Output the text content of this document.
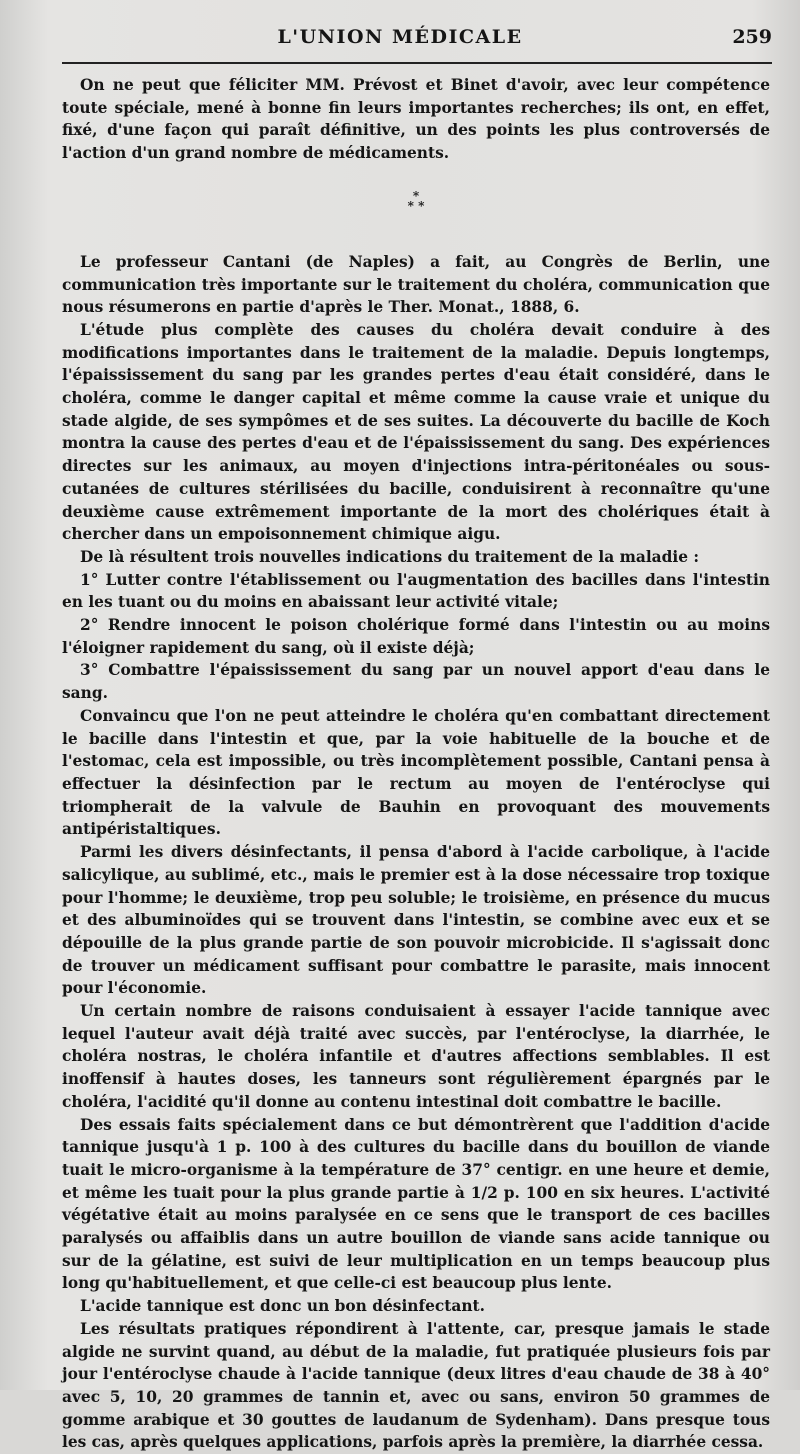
L'UNION MÉDICALE	259

On ne peut que féliciter MM. Prévost et Binet d'avoir, avec leur compétence toute spéciale, mené à bonne fin leurs importantes recherches; ils ont, en effet, fixé, d'une façon qui paraît définitive, un des points les plus controversés de l'action d'un grand nombre de médicaments.

*
* *

Le professeur Cantani (de Naples) a fait, au Congrès de Berlin, une communication très importante sur le traitement du choléra, communication que nous résumerons en partie d'après le Ther. Monat., 1888, 6.

L'étude plus complète des causes du choléra devait conduire à des modifications importantes dans le traitement de la maladie. Depuis longtemps, l'épaississement du sang par les grandes pertes d'eau était considéré, dans le choléra, comme le danger capital et même comme la cause vraie et unique du stade algide, de ses sympômes et de ses suites. La découverte du bacille de Koch montra la cause des pertes d'eau et de l'épaississement du sang. Des expériences directes sur les animaux, au moyen d'injections intra-péritonéales ou sous-cutanées de cultures stérilisées du bacille, conduisirent à reconnaître qu'une deuxième cause extrêmement importante de la mort des cholériques était à chercher dans un empoisonnement chimique aigu.

De là résultent trois nouvelles indications du traitement de la maladie :

1° Lutter contre l'établissement ou l'augmentation des bacilles dans l'intestin en les tuant ou du moins en abaissant leur activité vitale;

2° Rendre innocent le poison cholérique formé dans l'intestin ou au moins l'éloigner rapidement du sang, où il existe déjà;

3° Combattre l'épaississement du sang par un nouvel apport d'eau dans le sang.

Convaincu que l'on ne peut atteindre le choléra qu'en combattant directement le bacille dans l'intestin et que, par la voie habituelle de la bouche et de l'estomac, cela est impossible, ou très incomplètement possible, Cantani pensa à effectuer la désinfection par le rectum au moyen de l'entéroclyse qui triompherait de la valvule de Bauhin en provoquant des mouvements antipéristaltiques.

Parmi les divers désinfectants, il pensa d'abord à l'acide carbolique, à l'acide salicylique, au sublimé, etc., mais le premier est à la dose nécessaire trop toxique pour l'homme; le deuxième, trop peu soluble; le troisième, en présence du mucus et des albuminoïdes qui se trouvent dans l'intestin, se combine avec eux et se dépouille de la plus grande partie de son pouvoir microbicide. Il s'agissait donc de trouver un médicament suffisant pour combattre le parasite, mais innocent pour l'économie.

Un certain nombre de raisons conduisaient à essayer l'acide tannique avec lequel l'auteur avait déjà traité avec succès, par l'entéroclyse, la diarrhée, le choléra nostras, le choléra infantile et d'autres affections semblables. Il est inoffensif à hautes doses, les tanneurs sont régulièrement épargnés par le choléra, l'acidité qu'il donne au contenu intestinal doit combattre le bacille.

Des essais faits spécialement dans ce but démontrèrent que l'addition d'acide tannique jusqu'à 1 p. 100 à des cultures du bacille dans du bouillon de viande tuait le micro-organisme à la température de 37° centigr. en une heure et demie, et même les tuait pour la plus grande partie à 1/2 p. 100 en six heures. L'activité végétative était au moins paralysée en ce sens que le transport de ces bacilles paralysés ou affaiblis dans un autre bouillon de viande sans acide tannique ou sur de la gélatine, est suivi de leur multiplication en un temps beaucoup plus long qu'habituellement, et que celle-ci est beaucoup plus lente.

L'acide tannique est donc un bon désinfectant.

Les résultats pratiques répondirent à l'attente, car, presque jamais le stade algide ne survint quand, au début de la maladie, fut pratiquée plusieurs fois par jour l'entéroclyse chaude à l'acide tannique (deux litres d'eau chaude de 38 à 40° avec 5, 10, 20 grammes de tannin et, avec ou sans, environ 50 grammes de gomme arabique et 30 gouttes de laudanum de Sydenham). Dans presque tous les cas, après quelques applications, parfois après la première, la diarrhée cessa.
